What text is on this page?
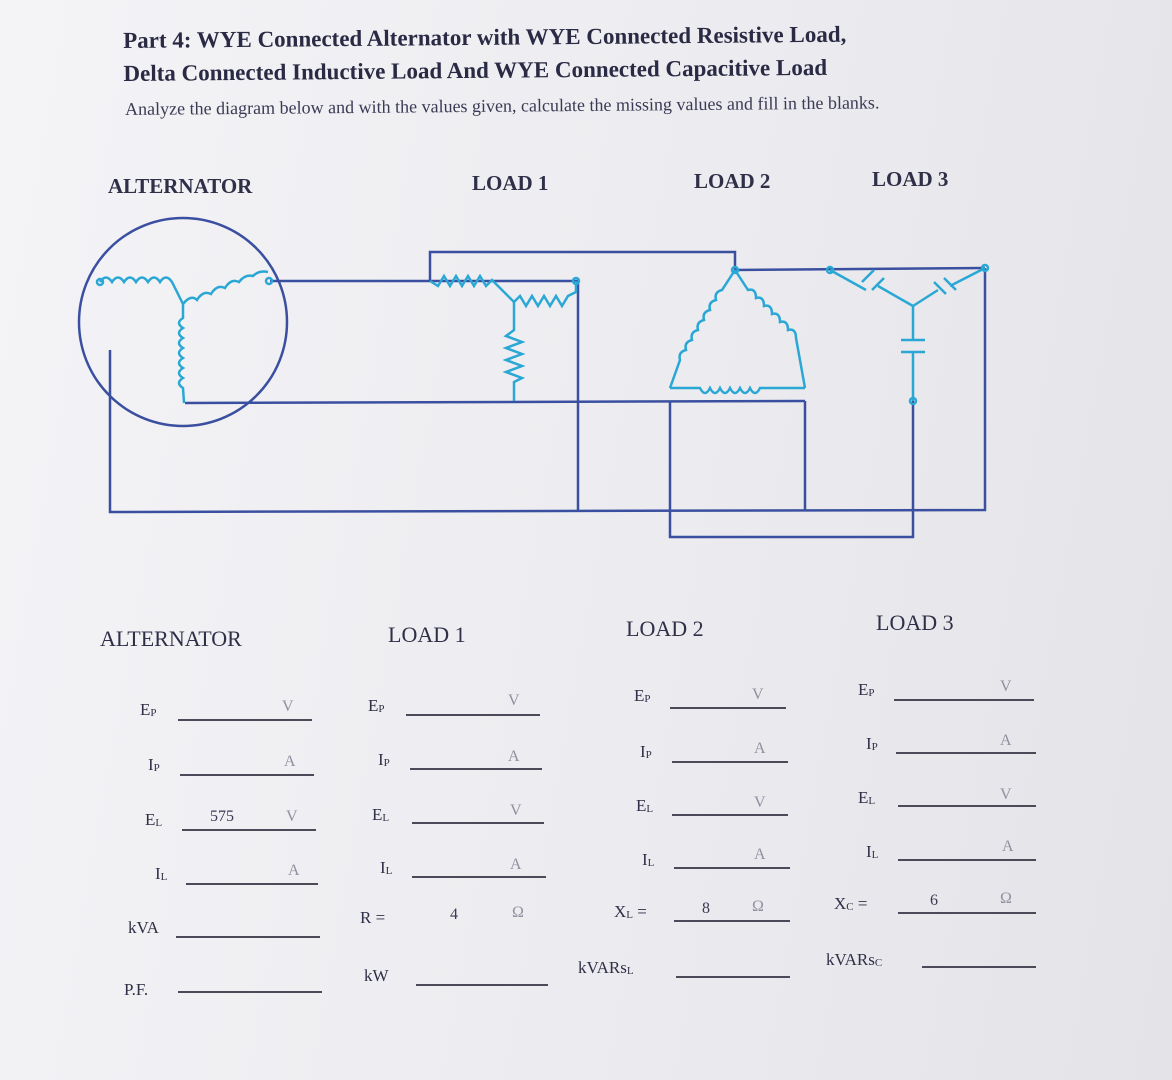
Part 4: WYE Connected Alternator with WYE Connected Resistive Load,
Delta Connected Inductive Load And WYE Connected Capacitive Load
Analyze the diagram below and with the values given, calculate the missing values and fill in the blanks.
ALTERNATOR	LOAD 1	LOAD 2	LOAD 3
ALTERNATOR
$E_P$	V
$I_P$	A
$E_L$	575	V
$I_L$	A
kVA
P.F.
LOAD 1
$E_P$	V
$I_P$	A
$E_L$	V
$I_L$	A
R =	4	Ω
kW
LOAD 2
$E_P$	V
$I_P$	A
$E_L$	V
$I_L$	A
$X_L$ =	8	Ω
kVARs$_L$
LOAD 3
$E_P$	V
$I_P$	A
$E_L$	V
$I_L$	A
$X_C$ =	6	Ω
kVARs$_C$
